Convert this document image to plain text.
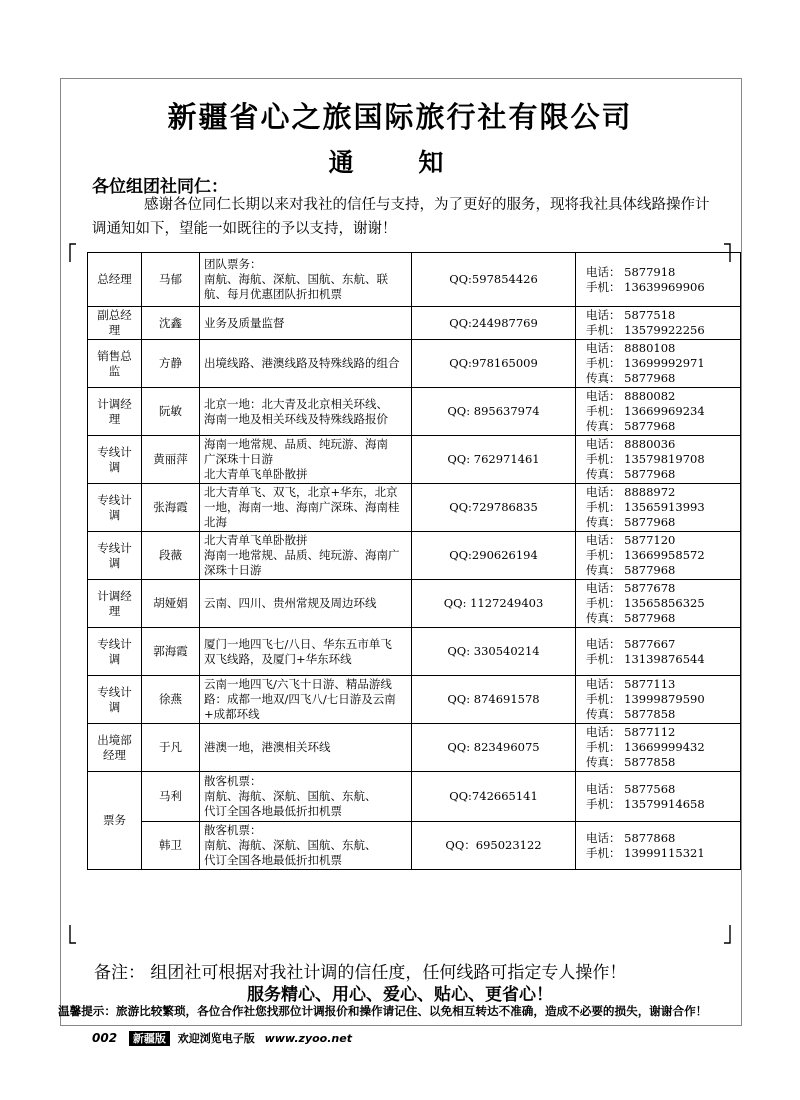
新疆省心之旅国际旅行社有限公司
通 知
各位组团社同仁：
感谢各位同仁长期以来对我社的信任与支持，为了更好的服务，现将我社具体线路操作计调通知如下，望能一如既往的予以支持，谢谢！
总经理	马郁	团队票务：
南航、海航、深航、国航、东航、联航、每月优惠团队折扣机票	QQ:597854426	电话： 5877918
手机： 13639969906

副总经理	沈鑫	业务及质量监督	QQ:244987769	电话： 5877518
手机： 13579922256

销售总监	方静	出境线路、港澳线路及特殊线路的组合	QQ:978165009	电话： 8880108
手机： 13699992971
传真： 5877968

计调经理	阮敏	北京一地：北大青及北京相关环线、
海南一地及相关环线及特殊线路报价	QQ: 895637974	电话： 8880082
手机： 13669969234
传真： 5877968

专线计调	黄丽萍	海南一地常规、品质、纯玩游、海南
广深珠十日游
北大青单飞单卧散拼	QQ: 762971461	电话： 8880036
手机： 13579819708
传真： 5877968

专线计调	张海霞	北大青单飞、双飞，北京+华东，北京一地，海南一地、海南广深珠、海南桂北海	QQ:729786835	电话： 8888972
手机： 13565913993
传真： 5877968

专线计调	段薇	北大青单飞单卧散拼
海南一地常规、品质、纯玩游、海南广深珠十日游	QQ:290626194	电话： 5877120
手机： 13669958572
传真： 5877968

计调经理	胡娅娟	云南、四川、贵州常规及周边环线	QQ: 1127249403	电话： 5877678
手机： 13565856325
传真： 5877968

专线计调	郭海霞	厦门一地四飞七/八日、华东五市单飞
双飞线路，及厦门+华东环线	QQ: 330540214	电话： 5877667
手机： 13139876544

专线计调	徐燕	云南一地四飞/六飞十日游、精品游线路：成都一地双/四飞八/七日游及云南+成都环线	QQ: 874691578	电话： 5877113
手机： 13999879590
传真： 5877858

出境部经理	于凡	港澳一地，港澳相关环线	QQ: 823496075	电话： 5877112
手机： 13669999432
传真： 5877858

票务	马利	散客机票：
南航、海航、深航、国航、东航、
代订全国各地最低折扣机票	QQ:742665141	电话： 5877568
手机： 13579914658

	韩卫	散客机票：
南航、海航、深航、国航、东航、
代订全国各地最低折扣机票	QQ：695023122	电话： 5877868
手机： 13999115321
备注： 组团社可根据对我社计调的信任度，任何线路可指定专人操作！
服务精心、用心、爱心、贴心、更省心！
温馨提示：旅游比较繁琐，各位合作社您找那位计调报价和操作请记住、以免相互转达不准确，造成不必要的损失，谢谢合作！
002 新疆版 欢迎浏览电子版 www.zyoo.net
